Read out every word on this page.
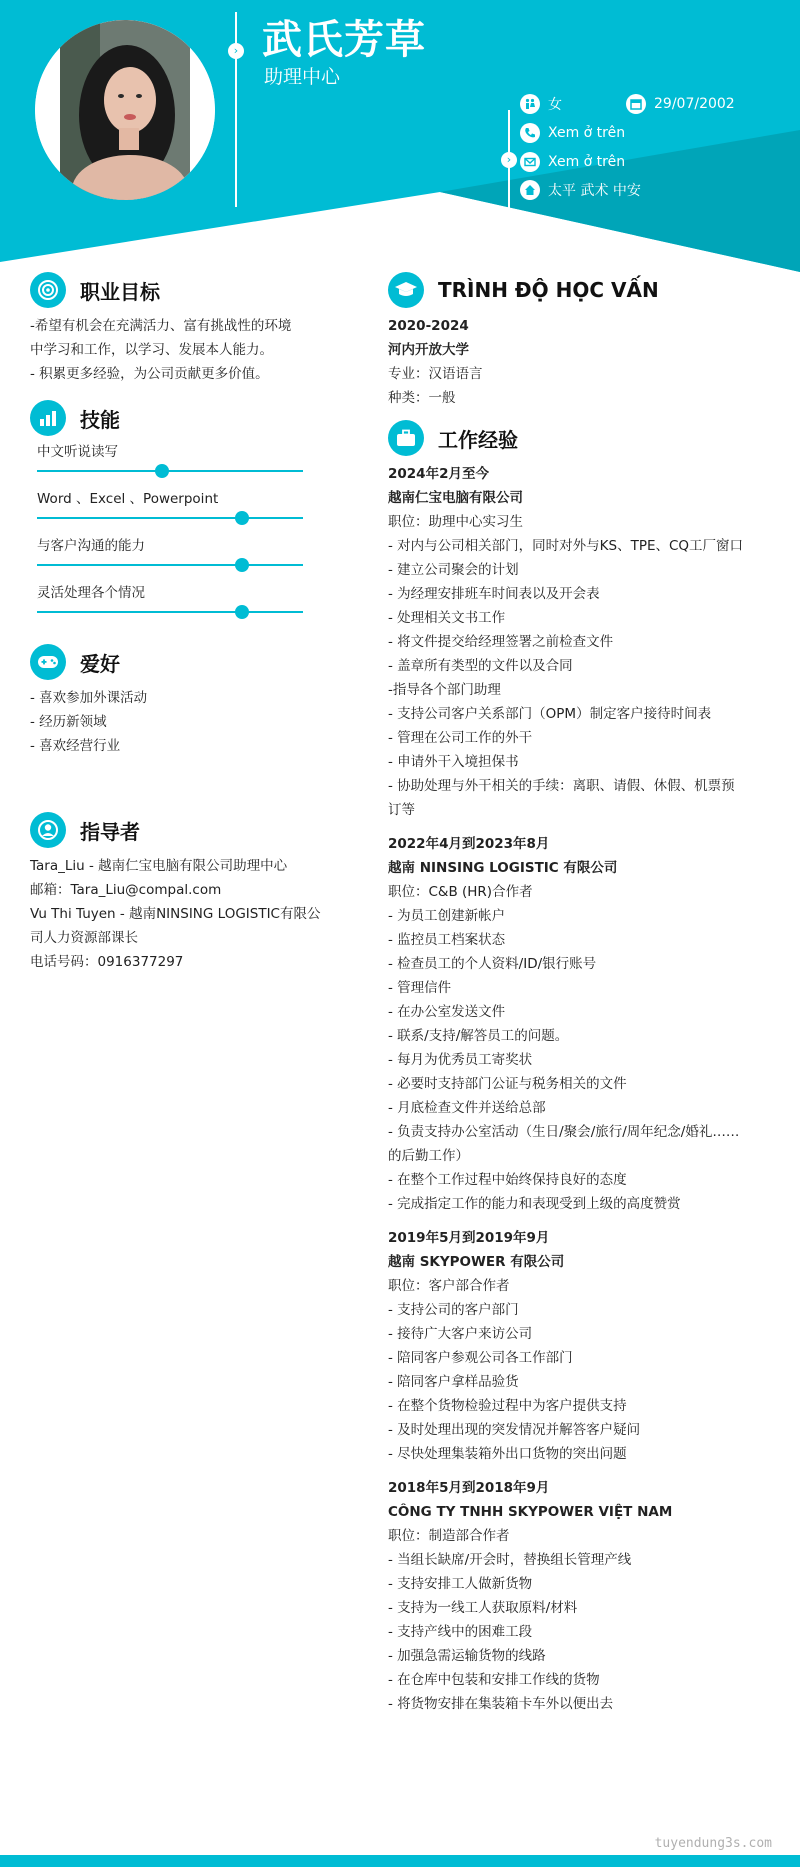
›
›
武氏芳草
助理中心
女	29/07/2002
Xem ở trên
Xem ở trên
太平 武术 中安
职业目标
-希望有机会在充满活力、富有挑战性的环境
中学习和工作，以学习、发展本人能力。
- 积累更多经验，为公司贡献更多价值。
技能
中文听说读写
Word 、Excel 、Powerpoint
与客户沟通的能力
灵活处理各个情况
爱好
- 喜欢参加外课活动
- 经历新领域
- 喜欢经营行业
指导者
Tara_Liu - 越南仁宝电脑有限公司助理中心
邮箱：Tara_Liu@compal.com
Vu Thi Tuyen - 越南NINSING LOGISTIC有限公
司人力资源部课长
电话号码：0916377297
TRÌNH ĐỘ HỌC VẤN
2020-2024
河内开放大学
专业：汉语语言
种类：一般
工作经验
2024年2月至今
越南仁宝电脑有限公司
职位：助理中心实习生
- 对内与公司相关部门，同时对外与KS、TPE、CQ工厂窗口
- 建立公司聚会的计划
- 为经理安排班车时间表以及开会表
- 处理相关文书工作
- 将文件提交给经理签署之前检查文件
- 盖章所有类型的文件以及合同
-指导各个部门助理
- 支持公司客户关系部门（OPM）制定客户接待时间表
- 管理在公司工作的外干
- 申请外干入境担保书
- 协助处理与外干相关的手续：离职、请假、休假、机票预
订等
2022年4月到2023年8月
越南 NINSING LOGISTIC 有限公司
职位：C&B (HR)合作者
- 为员工创建新帐户
- 监控员工档案状态
- 检查员工的个人资料/ID/银行账号
- 管理信件
- 在办公室发送文件
- 联系/支持/解答员工的问题。
- 每月为优秀员工寄奖状
- 必要时支持部门公证与税务相关的文件
- 月底检查文件并送给总部
- 负责支持办公室活动（生日/聚会/旅行/周年纪念/婚礼……
的后勤工作）
- 在整个工作过程中始终保持良好的态度
- 完成指定工作的能力和表现受到上级的高度赞赏
2019年5月到2019年9月
越南 SKYPOWER 有限公司
职位：客户部合作者
- 支持公司的客户部门
- 接待广大客户来访公司
- 陪同客户参观公司各工作部门
- 陪同客户拿样品验货
- 在整个货物检验过程中为客户提供支持
- 及时处理出现的突发情况并解答客户疑问
- 尽快处理集装箱外出口货物的突出问题
2018年5月到2018年9月
CÔNG TY TNHH SKYPOWER VIỆT NAM
职位：制造部合作者
- 当组长缺席/开会时，替换组长管理产线
- 支持安排工人做新货物
- 支持为一线工人获取原料/材料
- 支持产线中的困难工段
- 加强急需运输货物的线路
- 在仓库中包装和安排工作线的货物
- 将货物安排在集装箱卡车外以便出去
tuyendung3s.com
